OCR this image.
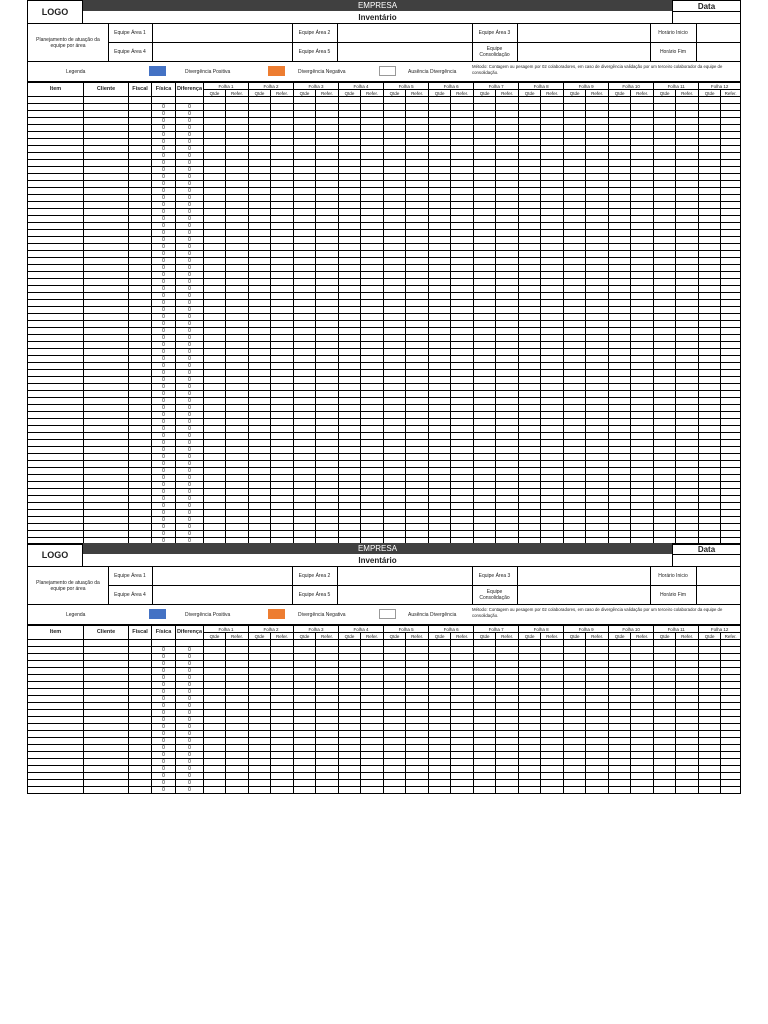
LOGO
EMPRESA
Inventário
Data
Planejamento de atuação da equipe por área
Equipe Área 1
Equipe Área 4
Equipe Área 2
Equipe Área 5
Equipe Área 3
Equipe Consolidação
Horário Inicio
Horário Fim
Legenda	Divergência Positiva	Divergência Negativa	Ausência Divergência
Método: Contagem ou pesagem por 02 colaboradores, em caso de divergência validação por um terceiro colaborador da equipe de consolidação.
Item	Cliente	Fiscal	Física	Diferença	Folha 1		Folha 2		Folha 3		Folha 4		Folha 5		Folha 6		Folha 7		Folha 8		Folha 9		Folha 10		Folha 11		Folha 12	
					Qtde	Refer.	Qtde	Refer.	Qtde	Refer.	Qtde	Refer.	Qtde	Refer.	Qtde	Refer.	Qtde	Refer.	Qtde	Refer.	Qtde	Refer.	Qtde	Refer.	Qtde	Refer.	Qtde	Refer.

			0	0																								
			0	0																								
			0	0																								
			0	0																								
			0	0																								
			0	0																								
			0	0																								
			0	0																								
			0	0																								
			0	0																								
			0	0																								
			0	0																								
			0	0																								
			0	0																								
			0	0																								
			0	0																								
			0	0																								
			0	0																								
			0	0																								
			0	0																								
			0	0																								
			0	0																								
			0	0																								
			0	0																								
			0	0																								
			0	0																								
			0	0																								
			0	0																								
			0	0																								
			0	0																								
			0	0																								
			0	0																								
			0	0																								
			0	0																								
			0	0																								
			0	0																								
			0	0																								
			0	0																								
			0	0																								
			0	0																								
			0	0																								
			0	0																								
			0	0																								
			0	0																								
			0	0																								
			0	0																								
			0	0																								
			0	0																								
			0	0																								
			0	0																								
			0	0																								
			0	0																								
			0	0																								
			0	0																								
			0	0																								
			0	0																								
			0	0																								
			0	0																								
			0	0																								
			0	0																								
			0	0																								
			0	0																								
			0	0																								
LOGO
EMPRESA
Inventário
Data
Planejamento de atuação da equipe por área
Equipe Área 1
Equipe Área 4
Equipe Área 2
Equipe Área 5
Equipe Área 3
Equipe Consolidação
Horário Inicio
Horário Fim
Legenda	Divergência Positiva	Divergência Negativa	Ausência Divergência
Método: Contagem ou pesagem por 02 colaboradores, em caso de divergência validação por um terceiro colaborador da equipe de consolidação.
Item	Cliente	Fiscal	Física	Diferença	Folha 1		Folha 2		Folha 3		Folha 4		Folha 5		Folha 6		Folha 7		Folha 8		Folha 9		Folha 10		Folha 11		Folha 12	
					Qtde	Refer.	Qtde	Refer.	Qtde	Refer.	Qtde	Refer.	Qtde	Refer.	Qtde	Refer.	Qtde	Refer.	Qtde	Refer.	Qtde	Refer.	Qtde	Refer.	Qtde	Refer.	Qtde	Refer.

			0	0																								
			0	0																								
			0	0																								
			0	0																								
			0	0																								
			0	0																								
			0	0																								
			0	0																								
			0	0																								
			0	0																								
			0	0																								
			0	0																								
			0	0																								
			0	0																								
			0	0																								
			0	0																								
			0	0																								
			0	0																								
			0	0																								
			0	0																								
			0	0																								
